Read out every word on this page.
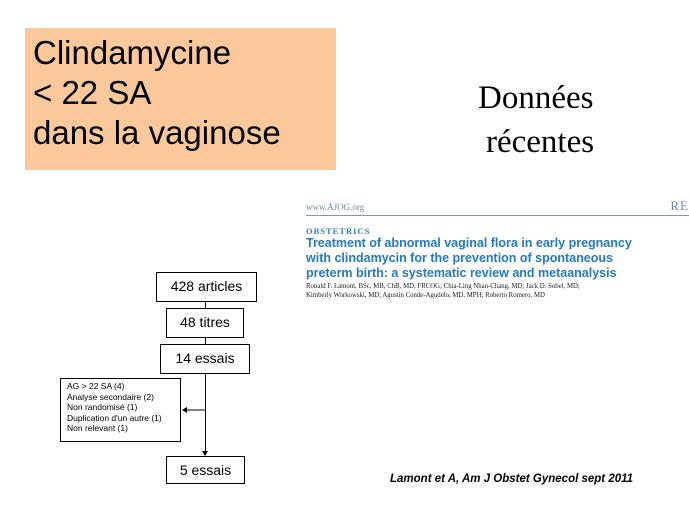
Clindamycine
< 22 SA
dans la vaginose
Données
récentes
www.AJOG.org	RE
OBSTETRICS
Treatment of abnormal vaginal flora in early pregnancy
with clindamycin for the prevention of spontaneous
preterm birth: a systematic review and metaanalysis
Ronald F. Lamont, BSc, MB, ChB, MD, FRCOG; Chia-Ling Nhan-Chang, MD; Jack D. Sobel, MD;
Kimberly Workowski, MD; Agustin Conde-Agudelo, MD, MPH; Roberto Romero, MD
428 articles
48 titres
14 essais
5 essais
AG > 22 SA (4)
Analyse secondaire (2)
Non randomisé (1)
Duplication d'un autre (1)
Non relevant (1)
Lamont et A, Am J Obstet Gynecol sept 2011
